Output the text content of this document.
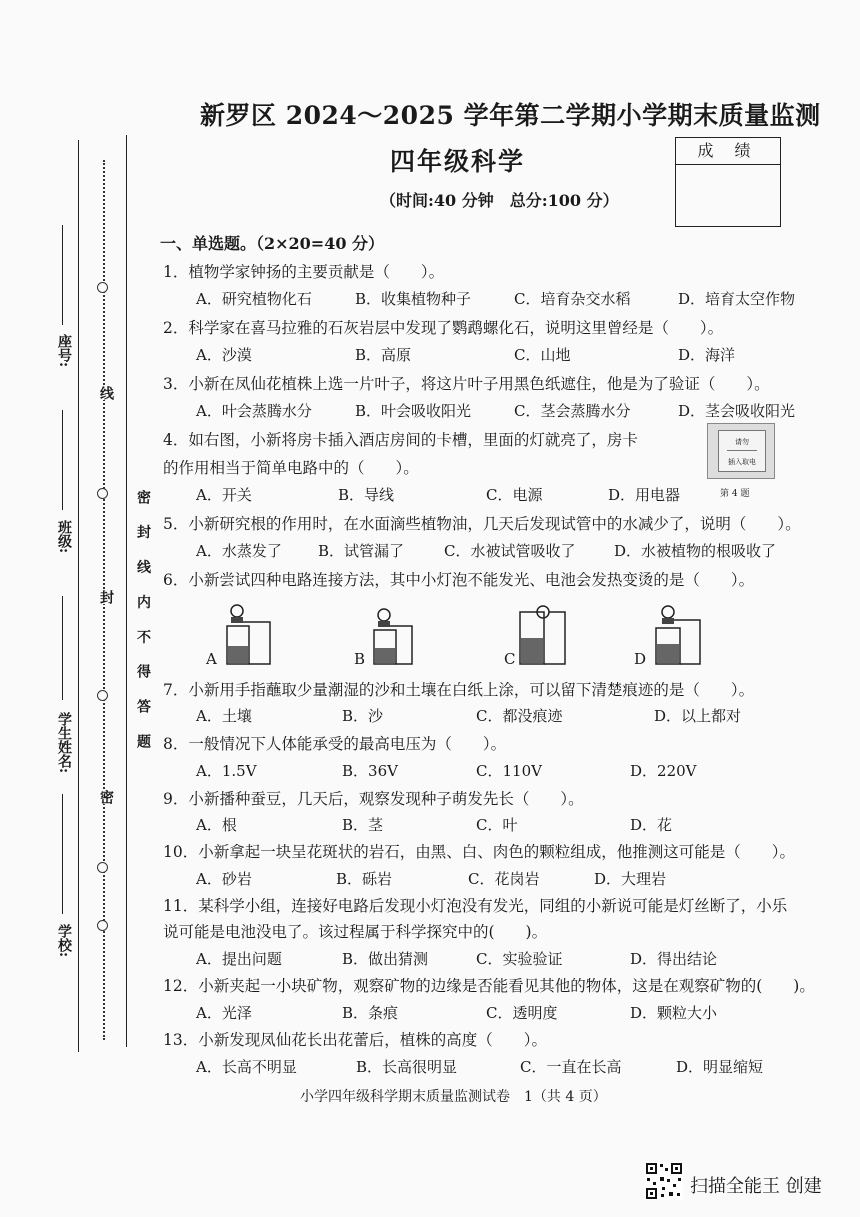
新罗区 2024～2025 学年第二学期小学期末质量监测
四年级科学
（时间:40 分钟　总分:100 分）
成 绩
线
封
密
座号:
班级:
学生姓名:
学校:
密 封 线 内 不 得 答 题
一、单选题。（2×20=40 分）
1．植物学家钟扬的主要贡献是（　　）。
A．研究植物化石	B．收集植物种子	C．培育杂交水稻	D．培育太空作物
2．科学家在喜马拉雅的石灰岩层中发现了鹦鹉螺化石，说明这里曾经是（　　）。
A．沙漠	B．高原	C．山地	D．海洋
3．小新在凤仙花植株上选一片叶子，将这片叶子用黑色纸遮住，他是为了验证（　　）。
A．叶会蒸腾水分	B．叶会吸收阳光	C．茎会蒸腾水分	D．茎会吸收阳光
4．如右图，小新将房卡插入酒店房间的卡槽，里面的灯就亮了，房卡
的作用相当于简单电路中的（　　）。
A．开关	B．导线	C．电源	D．用电器
请勿
插入取电
第 4 题
5．小新研究根的作用时，在水面滴些植物油，几天后发现试管中的水减少了，说明（　　）。
A．水蒸发了 B．试管漏了	C．水被试管吸收了	D．水被植物的根吸收了
6．小新尝试四种电路连接方法，其中小灯泡不能发光、电池会发热变烫的是（　　）。
A	B	C	D
7．小新用手指蘸取少量潮湿的沙和土壤在白纸上涂，可以留下清楚痕迹的是（　　）。
A．土壤	B．沙	C．都没痕迹	D．以上都对
8．一般情况下人体能承受的最高电压为（　　）。
A．1.5V	B．36V	C．110V	D．220V
9．小新播种蚕豆，几天后，观察发现种子萌发先长（　　）。
A．根	B．茎	C．叶	D．花
10．小新拿起一块呈花斑状的岩石，由黑、白、肉色的颗粒组成，他推测这可能是（　　）。
A．砂岩	B．砾岩	C．花岗岩	D．大理岩
11．某科学小组，连接好电路后发现小灯泡没有发光，同组的小新说可能是灯丝断了，小乐
说可能是电池没电了。该过程属于科学探究中的(　　)。
A．提出问题	B．做出猜测	C．实验验证	D．得出结论
12．小新夹起一小块矿物，观察矿物的边缘是否能看见其他的物体，这是在观察矿物的(　　)。
A．光泽	B．条痕	C．透明度	D．颗粒大小
13．小新发现凤仙花长出花蕾后，植株的高度（　　）。
A．长高不明显	B．长高很明显	C．一直在长高	D．明显缩短
小学四年级科学期末质量监测试卷　1（共 4 页）
扫描全能王 创建
